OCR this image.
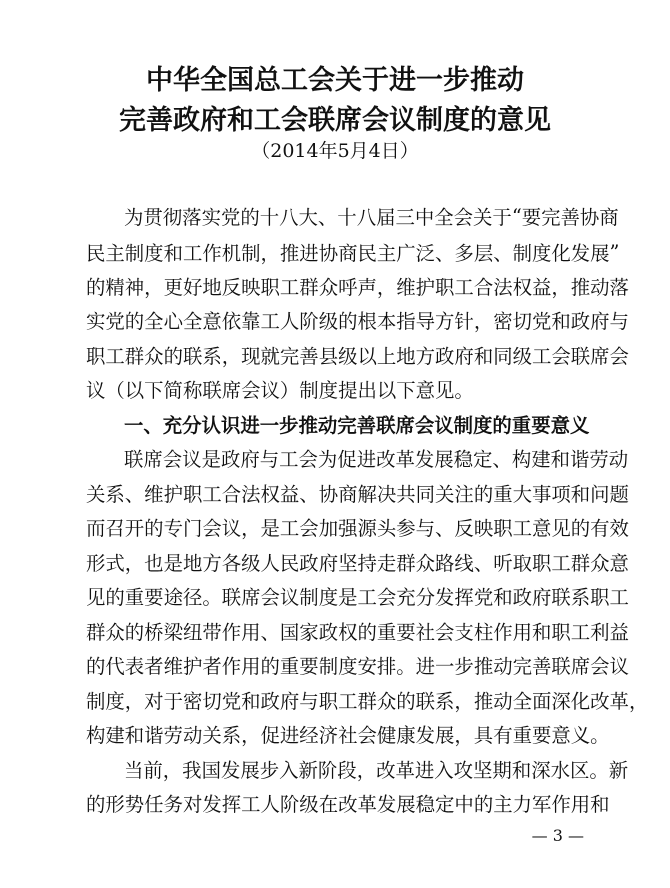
中华全国总工会关于进一步推动
完善政府和工会联席会议制度的意见
（2014年5月4日）
为 贯 彻 落 实 党 的 十 八 大 、 十 八 届 三 中 全 会 关 于 “ 要 完 善 协 商
民 主 制 度 和 工 作 机 制 ， 推 进 协 商 民 主 广 泛 、 多 层 、 制 度 化 发 展 ”
的 精 神 ， 更 好 地 反 映 职 工 群 众 呼 声 ， 维 护 职 工 合 法 权 益 ， 推 动 落
实 党 的 全 心 全 意 依 靠 工 人 阶 级 的 根 本 指 导 方 针 ， 密 切 党 和 政 府 与
职 工 群 众 的 联 系 ， 现 就 完 善 县 级 以 上 地 方 政 府 和 同 级 工 会 联 席 会
议（以下简称联席会议）制度提出以下意见。
一、充分认识进一步推动完善联席会议制度的重要意义
联 席 会 议 是 政 府 与 工 会 为 促 进 改 革 发 展 稳 定 、 构 建 和 谐 劳 动
关 系 、 维 护 职 工 合 法 权 益 、 协 商 解 决 共 同 关 注 的 重 大 事 项 和 问 题
而 召 开 的 专 门 会 议 ， 是 工 会 加 强 源 头 参 与 、 反 映 职 工 意 见 的 有 效
形 式 ， 也 是 地 方 各 级 人 民 政 府 坚 持 走 群 众 路 线 、 听 取 职 工 群 众 意
见 的 重 要 途 径 。 联 席 会 议 制 度 是 工 会 充 分 发 挥 党 和 政 府 联 系 职 工
群 众 的 桥 梁 纽 带 作 用 、 国 家 政 权 的 重 要 社 会 支 柱 作 用 和 职 工 利 益
的 代 表 者 维 护 者 作 用 的 重 要 制 度 安 排 。 进 一 步 推 动 完 善 联 席 会 议
制 度 ， 对 于 密 切 党 和 政 府 与 职 工 群 众 的 联 系 ， 推 动 全 面 深 化 改 革 ，
构建和谐劳动关系，促进经济社会健康发展，具有重要意义。
当 前 ， 我 国 发 展 步 入 新 阶 段 ， 改 革 进 入 攻 坚 期 和 深 水 区 。 新
的 形 势 任 务 对 发 挥 工 人 阶 级 在 改 革 发 展 稳 定 中 的 主 力 军 作 用 和
— 3 —
